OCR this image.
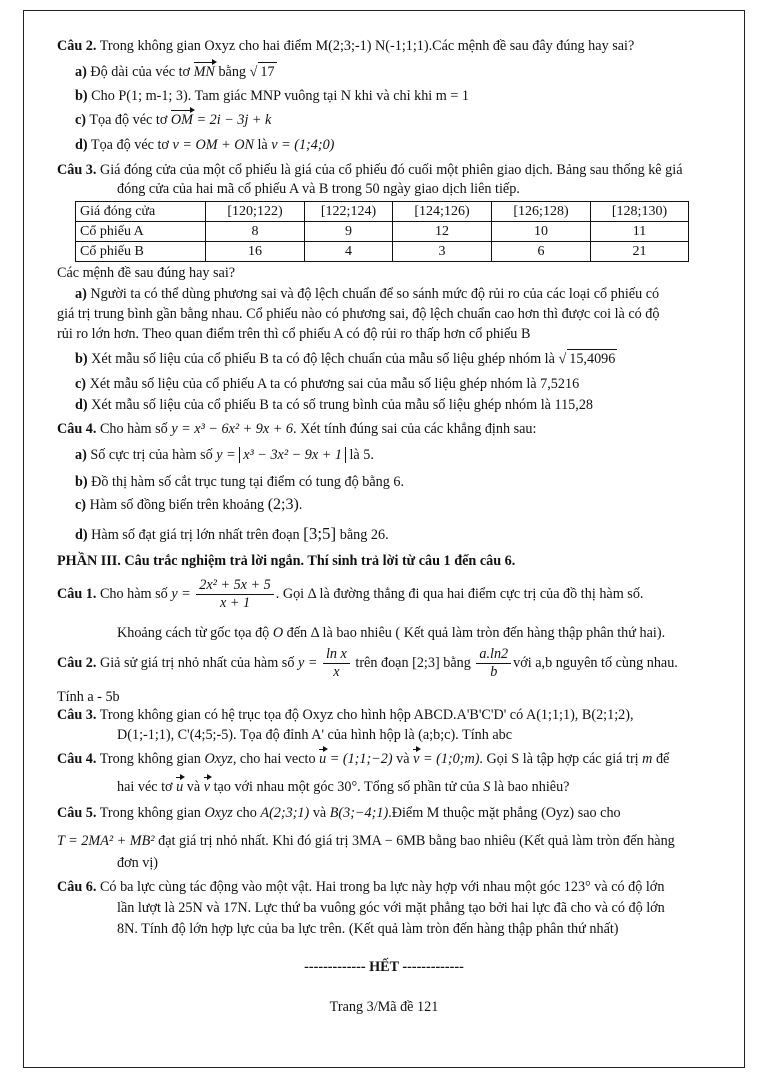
Câu 2. Trong không gian Oxyz cho hai điểm M(2;3;-1) N(-1;1;1).Các mệnh đề sau đây đúng hay sai?
a) Độ dài của véc tơ MN bằng √ 17
b) Cho P(1; m-1; 3). Tam giác MNP vuông tại N khi và chỉ khi m = 1
c) Tọa độ véc tơ OM = 2i − 3j + k
d) Tọa độ véc tơ v = OM + ON là v = (1;4;0)
Câu 3. Giá đóng cửa của một cổ phiếu là giá của cổ phiếu đó cuối một phiên giao dịch. Bảng sau thống kê giá
đóng cửa của hai mã cổ phiếu A và B trong 50 ngày giao dịch liên tiếp.
Giá đóng cửa	[120;122)	[122;124)	[124;126)	[126;128)	[128;130)
Cổ phiếu A	8	9	12	10	11
Cổ phiếu B	16	4	3	6	21
Các mệnh đề sau đúng hay sai?
a) Người ta có thể dùng phương sai và độ lệch chuẩn để so sánh mức độ rủi ro của các loại cổ phiếu có
giá trị trung bình gần bằng nhau. Cổ phiếu nào có phương sai, độ lệch chuẩn cao hơn thì được coi là có độ
rủi ro lớn hơn. Theo quan điểm trên thì cổ phiếu A có độ rủi ro thấp hơn cổ phiếu B
b) Xét mẫu số liệu của cổ phiếu B ta có độ lệch chuẩn của mẫu số liệu ghép nhóm là √ 15,4096
c) Xét mẫu số liệu của cổ phiếu A ta có phương sai của mẫu số liệu ghép nhóm là 7,5216
d) Xét mẫu số liệu của cổ phiếu B ta có số trung bình của mẫu số liệu ghép nhóm là 115,28
Câu 4. Cho hàm số y = x³ − 6x² + 9x + 6. Xét tính đúng sai của các khẳng định sau:
a) Số cực trị của hàm số y = x³ − 3x² − 9x + 1 là 5.
b) Đồ thị hàm số cắt trục tung tại điểm có tung độ bằng 6.
c) Hàm số đồng biến trên khoảng (2;3).
d) Hàm số đạt giá trị lớn nhất trên đoạn [3;5] bằng 26.
PHẦN III. Câu trắc nghiệm trả lời ngắn. Thí sinh trả lời từ câu 1 đến câu 6.
Câu 1. Cho hàm số $y = \frac{\text{2x² + 5x + 5}}{x + 1}$ . Gọi Δ là đường thẳng đi qua hai điểm cực trị của đồ thị hàm số.
Khoảng cách từ gốc tọa độ O đến Δ là bao nhiêu ( Kết quả làm tròn đến hàng thập phân thứ hai).
Câu 2. Giả sử giá trị nhỏ nhất của hàm số $y = \frac{\text{ln x}}{x}$ trên đoạn [2;3] bằng $\frac{a.\ln 2}{b}$ với a,b nguyên tố cùng nhau.
Tính a - 5b
Câu 3. Trong không gian có hệ trục tọa độ Oxyz cho hình hộp ABCD.A'B'C'D' có A(1;1;1), B(2;1;2),
D(1;-1;1), C'(4;5;-5). Tọa độ đỉnh A' của hình hộp là (a;b;c). Tính abc
Câu 4. Trong không gian Oxyz, cho hai vecto u = (1;1;−2) và v = (1;0;m). Gọi S là tập hợp các giá trị m để
hai véc tơ u và v tạo với nhau một góc 30°. Tổng số phần tử của S là bao nhiêu?
Câu 5. Trong không gian Oxyz cho A(2;3;1) và B(3;−4;1).Điểm M thuộc mặt phẳng (Oyz) sao cho
T = 2MA² + MB² đạt giá trị nhỏ nhất. Khi đó giá trị 3MA − 6MB bằng bao nhiêu (Kết quả làm tròn đến hàng
đơn vị)
Câu 6. Có ba lực cùng tác động vào một vật. Hai trong ba lực này hợp với nhau một góc 123° và có độ lớn
lần lượt là 25N và 17N. Lực thứ ba vuông góc với mặt phẳng tạo bởi hai lực đã cho và có độ lớn
8N. Tính độ lớn hợp lực của ba lực trên. (Kết quả làm tròn đến hàng thập phân thứ nhất)
------------- HẾT -------------
Trang 3/Mã đề 121
